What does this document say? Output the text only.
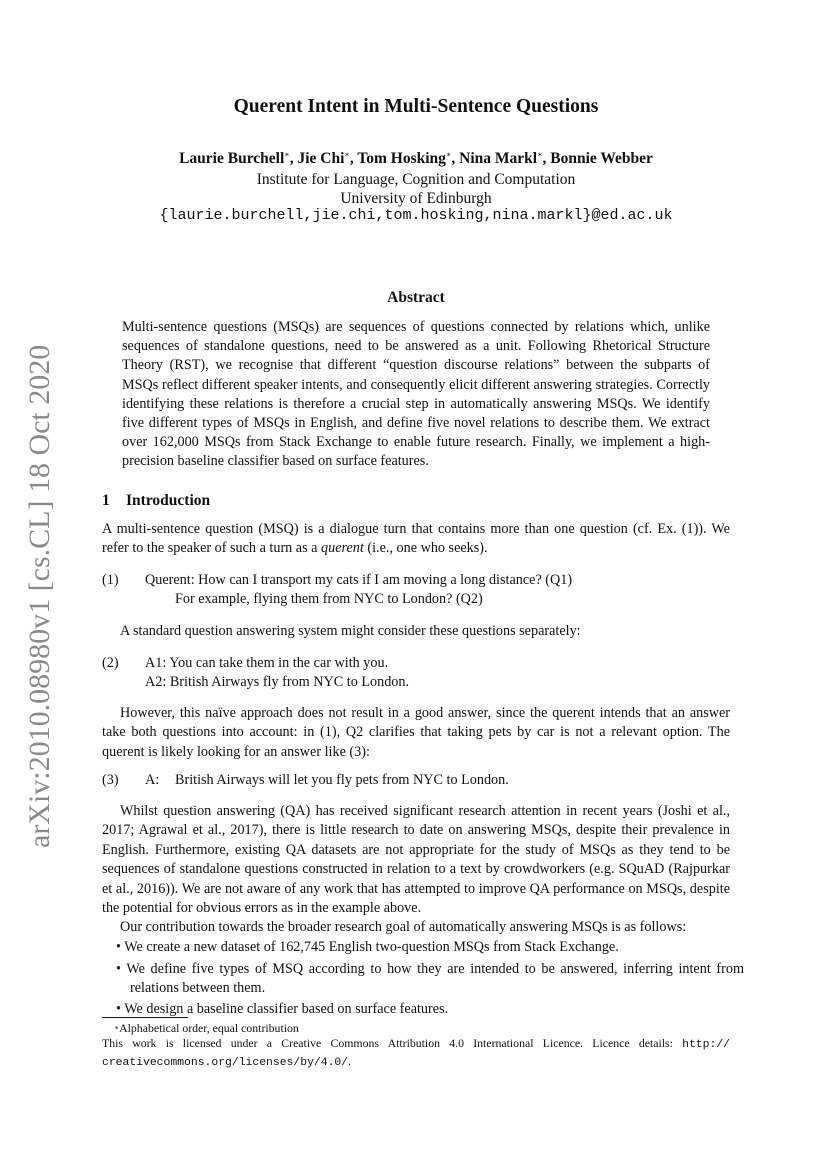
arXiv:2010.08980v1 [cs.CL] 18 Oct 2020
Querent Intent in Multi-Sentence Questions
Laurie Burchell∗, Jie Chi∗, Tom Hosking∗, Nina Markl∗, Bonnie Webber
Institute for Language, Cognition and Computation
University of Edinburgh
{laurie.burchell,jie.chi,tom.hosking,nina.markl}@ed.ac.uk
Abstract
Multi-sentence questions (MSQs) are sequences of questions connected by relations which, unlike sequences of standalone questions, need to be answered as a unit. Following Rhetorical Structure Theory (RST), we recognise that different “question discourse relations” between the subparts of MSQs reflect different speaker intents, and consequently elicit different answering strategies. Correctly identifying these relations is therefore a crucial step in automatically answering MSQs. We identify five different types of MSQs in English, and define five novel relations to describe them. We extract over 162,000 MSQs from Stack Exchange to enable future research. Finally, we implement a high-precision baseline classifier based on surface features.
1 Introduction
A multi-sentence question (MSQ) is a dialogue turn that contains more than one question (cf. Ex. (1)). We refer to the speaker of such a turn as a querent (i.e., one who seeks).
(1) Querent: How can I transport my cats if I am moving a long distance? (Q1)
For example, flying them from NYC to London? (Q2)
A standard question answering system might consider these questions separately:
(2) A1: You can take them in the car with you.
A2: British Airways fly from NYC to London.
However, this naïve approach does not result in a good answer, since the querent intends that an answer take both questions into account: in (1), Q2 clarifies that taking pets by car is not a relevant option. The querent is likely looking for an answer like (3):
(3) A: British Airways will let you fly pets from NYC to London.
Whilst question answering (QA) has received significant research attention in recent years (Joshi et al., 2017; Agrawal et al., 2017), there is little research to date on answering MSQs, despite their prevalence in English. Furthermore, existing QA datasets are not appropriate for the study of MSQs as they tend to be sequences of standalone questions constructed in relation to a text by crowdworkers (e.g. SQuAD (Rajpurkar et al., 2016)). We are not aware of any work that has attempted to improve QA performance on MSQs, despite the potential for obvious errors as in the example above.
Our contribution towards the broader research goal of automatically answering MSQs is as follows:
• We create a new dataset of 162,745 English two-question MSQs from Stack Exchange.
• We define five types of MSQ according to how they are intended to be answered, inferring intent from relations between them.
• We design a baseline classifier based on surface features.
∗Alphabetical order, equal contribution
This work is licensed under a Creative Commons Attribution 4.0 International Licence. Licence details: http://
creativecommons.org/licenses/by/4.0/.
